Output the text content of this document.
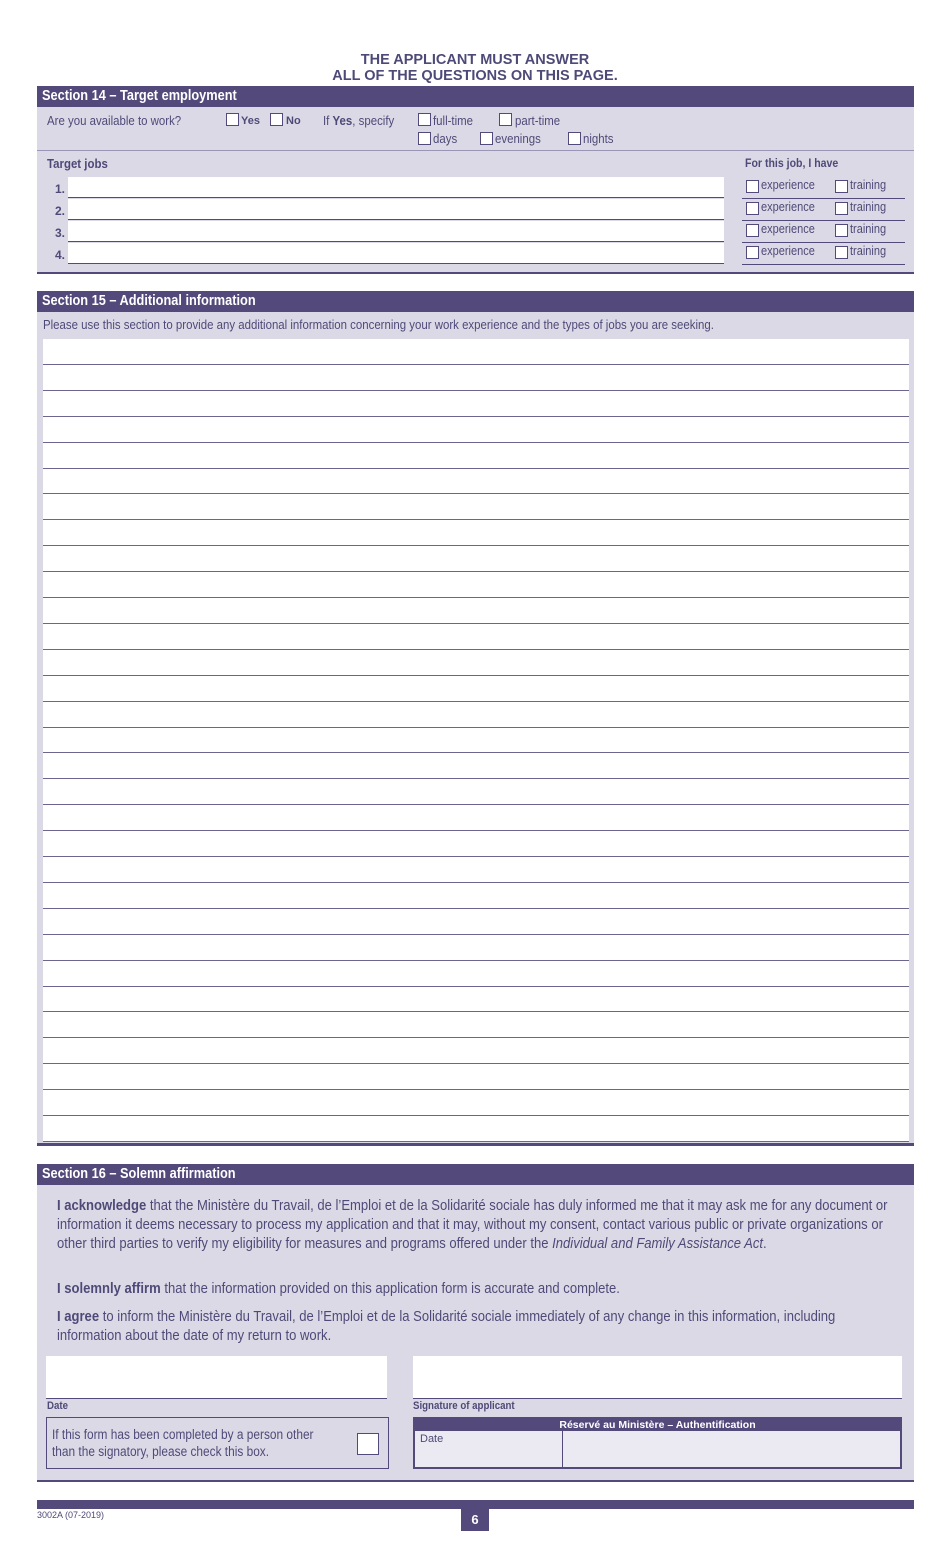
THE APPLICANT MUST ANSWER
ALL OF THE QUESTIONS ON THIS PAGE.
Section 14 – Target employment
Are you available to work?	Yes No If Yes, specify	full-time	part-time
days	evenings	nights
Target jobs	For this job, I have
1.	experience	training
2.	experience	training
3.	experience	training
4.	experience	training
Section 15 – Additional information
Please use this section to provide any additional information concerning your work experience and the types of jobs you are seeking.
Section 16 – Solemn affirmation
I acknowledge that the Ministère du Travail, de l’Emploi et de la Solidarité sociale has duly informed me that it may ask me for any document or information it deems necessary to process my application and that it may, without my consent, contact various public or private organizations or other third parties to verify my eligibility for measures and programs offered under the Individual and Family Assistance Act.
I solemnly affirm that the information provided on this application form is accurate and complete.
I agree to inform the Ministère du Travail, de l’Emploi et de la Solidarité sociale immediately of any change in this information, including information about the date of my return to work.
Date	Signature of applicant
If this form has been completed by a person other than the signatory, please check this box.
Réservé au Ministère – Authentification
Date
3002A (07-2019)	6
